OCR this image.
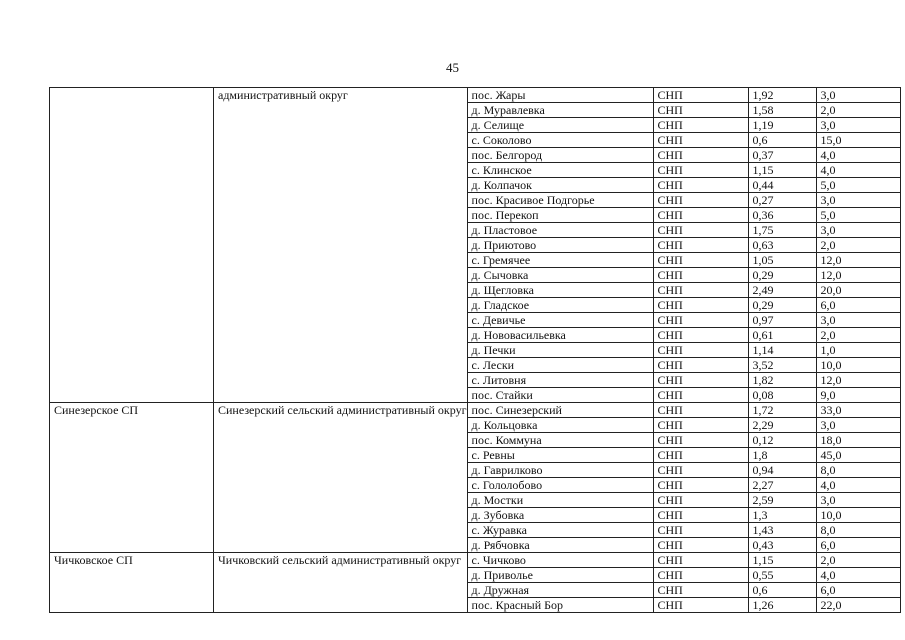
45
	административный округ	пос. Жары	СНП	1,92	3,0
		д. Муравлевка	СНП	1,58	2,0
		д. Селище	СНП	1,19	3,0
		с. Соколово	СНП	0,6	15,0
		пос. Белгород	СНП	0,37	4,0
		с. Клинское	СНП	1,15	4,0
		д. Колпачок	СНП	0,44	5,0
		пос. Красивое Подгорье	СНП	0,27	3,0
		пос. Перекоп	СНП	0,36	5,0
		д. Пластовое	СНП	1,75	3,0
		д. Приютово	СНП	0,63	2,0
		с. Гремячее	СНП	1,05	12,0
		д. Сычовка	СНП	0,29	12,0
		д. Щегловка	СНП	2,49	20,0
		д. Гладское	СНП	0,29	6,0
		с. Девичье	СНП	0,97	3,0
		д. Нововасильевка	СНП	0,61	2,0
		д. Печки	СНП	1,14	1,0
		с. Лески	СНП	3,52	10,0
		с. Литовня	СНП	1,82	12,0
		пос. Стайки	СНП	0,08	9,0
Синезерское СП	Синезерский сельский административный округ	пос. Синезерский	СНП	1,72	33,0
		д. Кольцовка	СНП	2,29	3,0
		пос. Коммуна	СНП	0,12	18,0
		с. Ревны	СНП	1,8	45,0
		д. Гаврилково	СНП	0,94	8,0
		с. Гололобово	СНП	2,27	4,0
		д. Мостки	СНП	2,59	3,0
		д. Зубовка	СНП	1,3	10,0
		с. Журавка	СНП	1,43	8,0
		д. Рябчовка	СНП	0,43	6,0
Чичковское СП	Чичковский сельский административный округ	с. Чичково	СНП	1,15	2,0
		д. Привольe	СНП	0,55	4,0
		д. Дружная	СНП	0,6	6,0
		пос. Красный Бор	СНП	1,26	22,0
